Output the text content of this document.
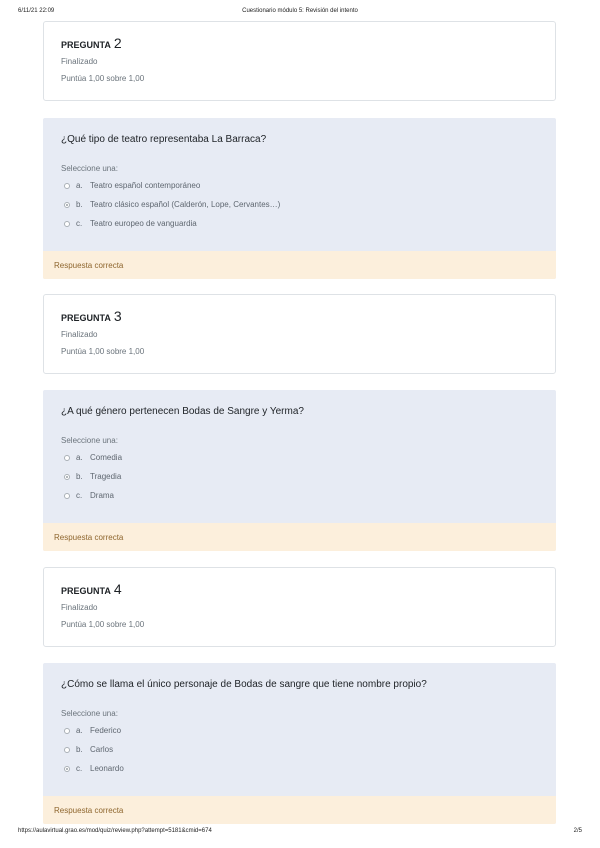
6/11/21 22:09	Cuestionario módulo 5: Revisión del intento
PREGUNTA 2
Finalizado
Puntúa 1,00 sobre 1,00
¿Qué tipo de teatro representaba La Barraca?
Seleccione una:
a. Teatro español contemporáneo
b. Teatro clásico español (Calderón, Lope, Cervantes…)
c. Teatro europeo de vanguardia
Respuesta correcta
PREGUNTA 3
Finalizado
Puntúa 1,00 sobre 1,00
¿A qué género pertenecen Bodas de Sangre y Yerma?
Seleccione una:
a. Comedia
b. Tragedia
c. Drama
Respuesta correcta
PREGUNTA 4
Finalizado
Puntúa 1,00 sobre 1,00
¿Cómo se llama el único personaje de Bodas de sangre que tiene nombre propio?
Seleccione una:
a. Federico
b. Carlos
c. Leonardo
Respuesta correcta
https://aulavirtual.grao.es/mod/quiz/review.php?attempt=5181&cmid=674	2/5
